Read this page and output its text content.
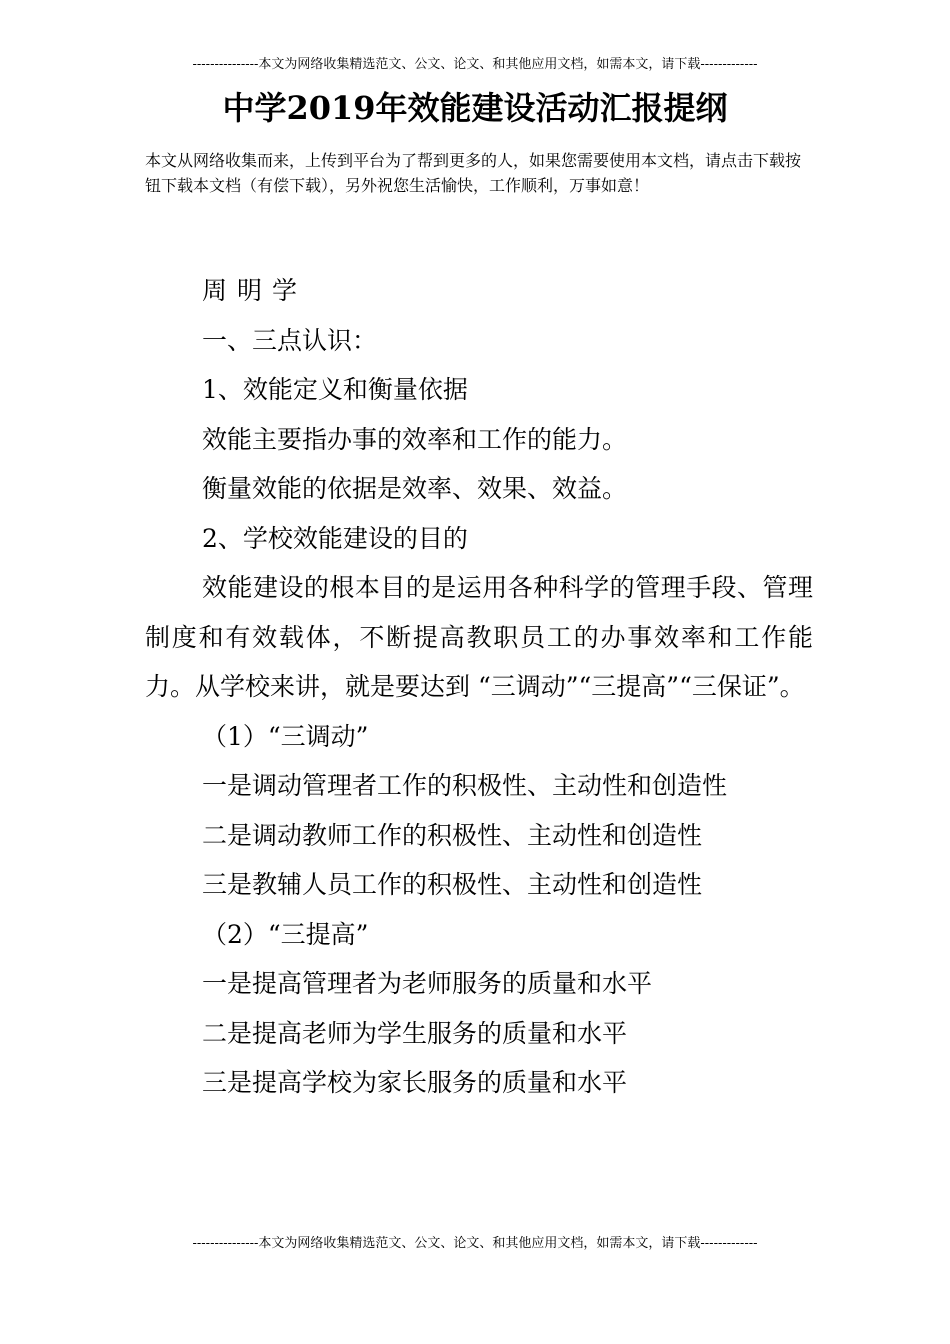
---------------本文为网络收集精选范文、公文、论文、和其他应用文档，如需本文，请下载-------------
中学2019年效能建设活动汇报提纲
本文从网络收集而来，上传到平台为了帮到更多的人，如果您需要使用本文档，请点击下载按钮下载本文档（有偿下载），另外祝您生活愉快，工作顺利，万事如意！

周明学

一、三点认识：

1、效能定义和衡量依据

效能主要指办事的效率和工作的能力。

衡量效能的依据是效率、效果、效益。

2、学校效能建设的目的

效能建设的根本目的是运用各种科学的管理手段、管理制度和有效载体，不断提高教职员工的办事效率和工作能力。从学校来讲，就是要达到 “三调动”“三提高”“三保证”。

（1）“三调动”

一是调动管理者工作的积极性、主动性和创造性

二是调动教师工作的积极性、主动性和创造性

三是教辅人员工作的积极性、主动性和创造性

（2）“三提高”

一是提高管理者为老师服务的质量和水平

二是提高老师为学生服务的质量和水平

三是提高学校为家长服务的质量和水平

---------------本文为网络收集精选范文、公文、论文、和其他应用文档，如需本文，请下载-------------
